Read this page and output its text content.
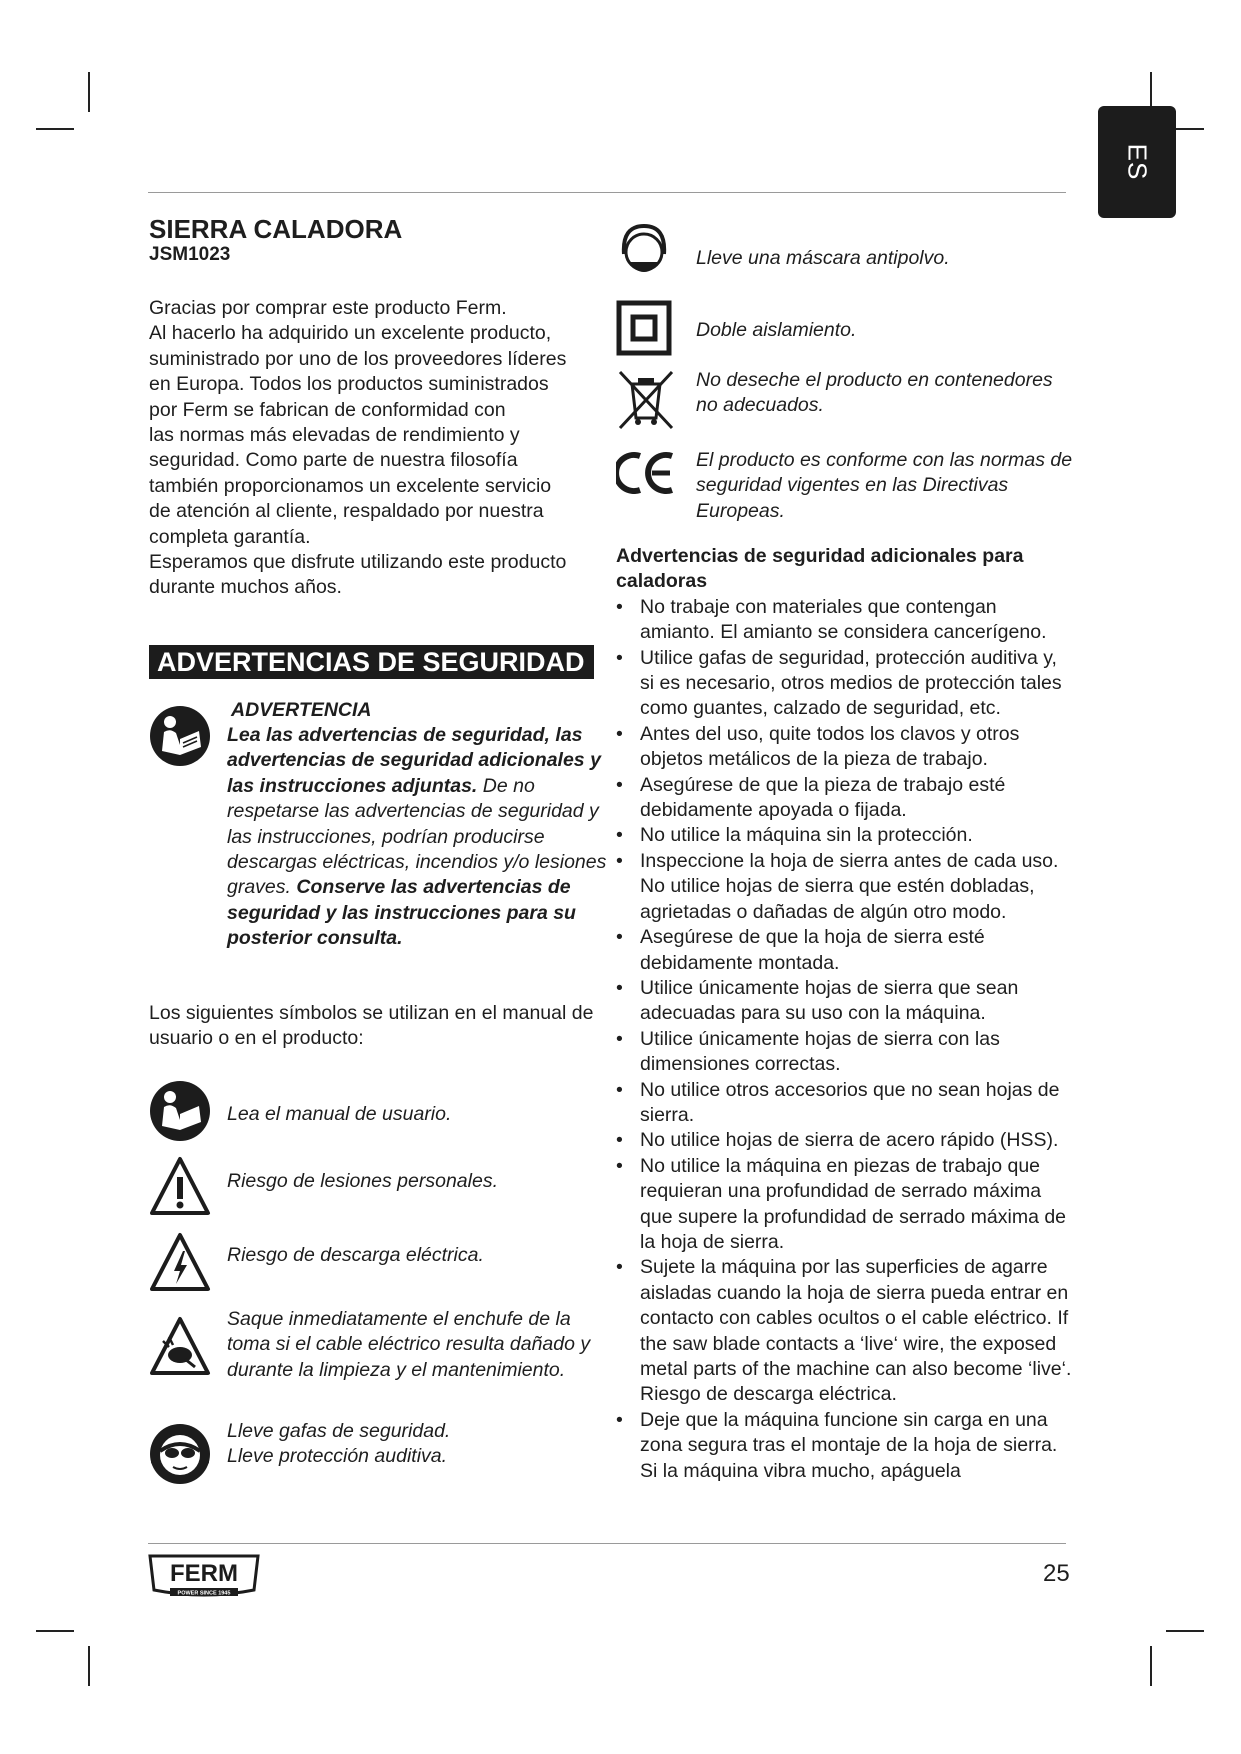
ES
SIERRA CALADORA
JSM1023
Gracias por comprar este producto Ferm.
Al hacerlo ha adquirido un excelente producto,
suministrado por uno de los proveedores líderes
en Europa. Todos los productos suministrados
por Ferm se fabrican de conformidad con
las normas más elevadas de rendimiento y
seguridad. Como parte de nuestra filosofía
también proporcionamos un excelente servicio
de atención al cliente, respaldado por nuestra
completa garantía.
Esperamos que disfrute utilizando este producto
durante muchos años.
ADVERTENCIAS DE SEGURIDAD
ADVERTENCIA
Lea las advertencias de seguridad, las advertencias de seguridad adicionales y las instrucciones adjuntas. De no respetarse las advertencias de seguridad y las instrucciones, podrían producirse descargas eléctricas, incendios y/o lesiones graves. Conserve las advertencias de seguridad y las instrucciones para su posterior consulta.
Los siguientes símbolos se utilizan en el manual de usuario o en el producto:
Lea el manual de usuario.
Riesgo de lesiones personales.
Riesgo de descarga eléctrica.
Saque inmediatamente el enchufe de la toma si el cable eléctrico resulta dañado y durante la limpieza y el mantenimiento.
Lleve gafas de seguridad.
Lleve protección auditiva.
Lleve una máscara antipolvo.
Doble aislamiento.
No deseche el producto en contenedores no adecuados.
El producto es conforme con las normas de seguridad vigentes en las Directivas Europeas.
Advertencias de seguridad adicionales para caladoras
• No trabaje con materiales que contengan amianto. El amianto se considera cancerígeno.
• Utilice gafas de seguridad, protección auditiva y, si es necesario, otros medios de protección tales como guantes, calzado de seguridad, etc.
• Antes del uso, quite todos los clavos y otros objetos metálicos de la pieza de trabajo.
• Asegúrese de que la pieza de trabajo esté debidamente apoyada o fijada.
• No utilice la máquina sin la protección.
• Inspeccione la hoja de sierra antes de cada uso. No utilice hojas de sierra que estén dobladas, agrietadas o dañadas de algún otro modo.
• Asegúrese de que la hoja de sierra esté debidamente montada.
• Utilice únicamente hojas de sierra que sean adecuadas para su uso con la máquina.
• Utilice únicamente hojas de sierra con las dimensiones correctas.
• No utilice otros accesorios que no sean hojas de sierra.
• No utilice hojas de sierra de acero rápido (HSS).
• No utilice la máquina en piezas de trabajo que requieran una profundidad de serrado máxima que supere la profundidad de serrado máxima de la hoja de sierra.
• Sujete la máquina por las superficies de agarre aisladas cuando la hoja de sierra pueda entrar en contacto con cables ocultos o el cable eléctrico. If the saw blade contacts a ‘live‘ wire, the exposed metal parts of the machine can also become ‘live‘. Riesgo de descarga eléctrica.
• Deje que la máquina funcione sin carga en una zona segura tras el montaje de la hoja de sierra. Si la máquina vibra mucho, apáguela
FERM
POWER SINCE 1945
25
